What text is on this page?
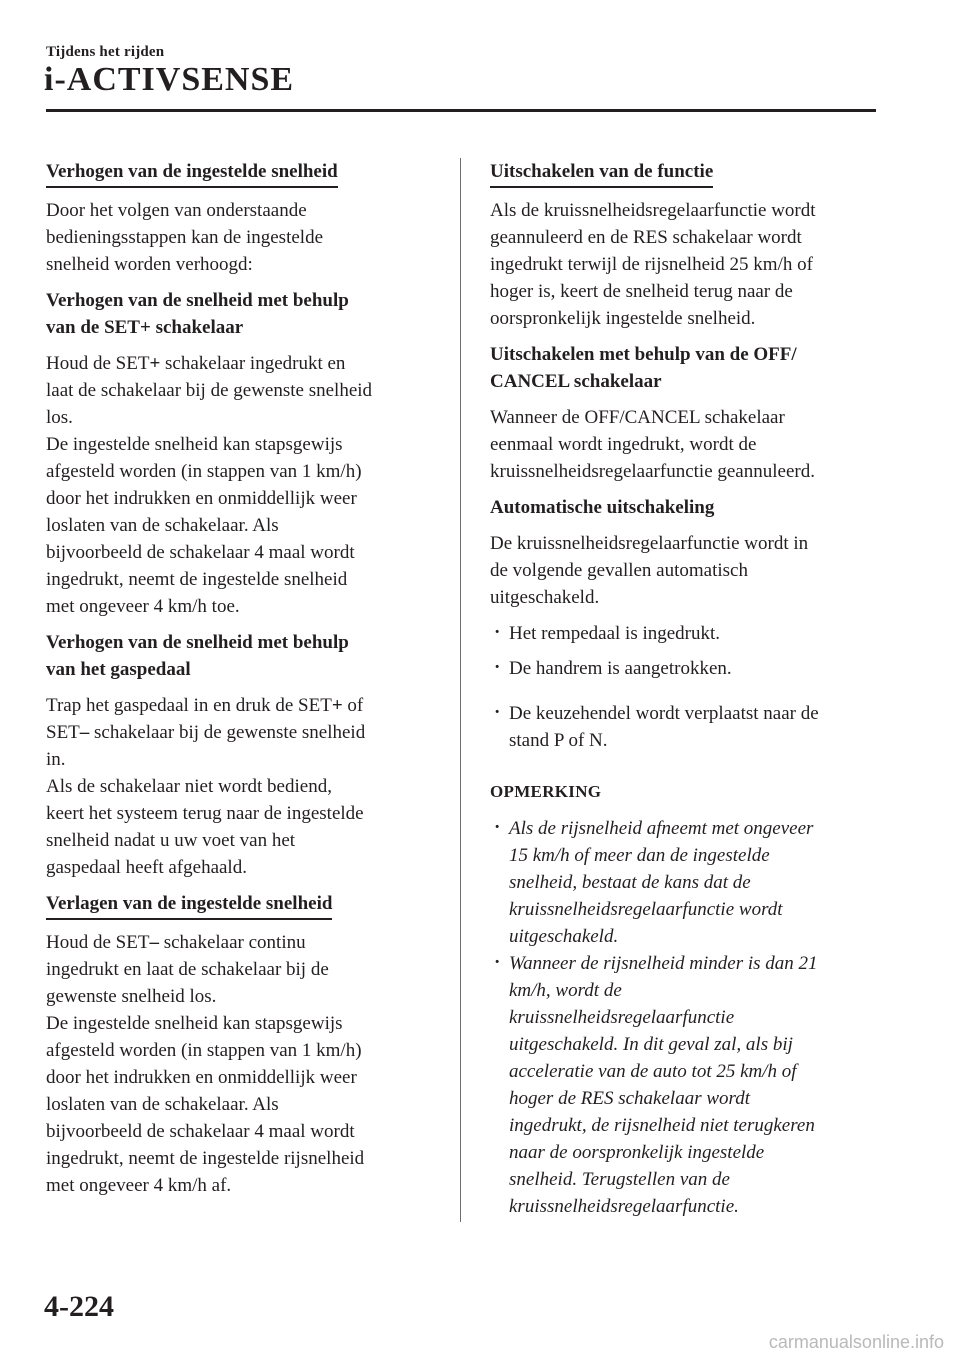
Tijdens het rijden
i-ACTIVSENSE
Verhogen van de ingestelde snelheid
Door het volgen van onderstaande
bedieningsstappen kan de ingestelde
snelheid worden verhoogd:
Verhogen van de snelheid met behulp
van de SET+ schakelaar
Houd de SET+ schakelaar ingedrukt en
laat de schakelaar bij de gewenste snelheid
los.
De ingestelde snelheid kan stapsgewijs
afgesteld worden (in stappen van 1 km/h)
door het indrukken en onmiddellijk weer
loslaten van de schakelaar. Als
bijvoorbeeld de schakelaar 4 maal wordt
ingedrukt, neemt de ingestelde snelheid
met ongeveer 4 km/h toe.
Verhogen van de snelheid met behulp
van het gaspedaal
Trap het gaspedaal in en druk de SET+ of
SET– schakelaar bij de gewenste snelheid
in.
Als de schakelaar niet wordt bediend,
keert het systeem terug naar de ingestelde
snelheid nadat u uw voet van het
gaspedaal heeft afgehaald.
Verlagen van de ingestelde snelheid
Houd de SET– schakelaar continu
ingedrukt en laat de schakelaar bij de
gewenste snelheid los.
De ingestelde snelheid kan stapsgewijs
afgesteld worden (in stappen van 1 km/h)
door het indrukken en onmiddellijk weer
loslaten van de schakelaar. Als
bijvoorbeeld de schakelaar 4 maal wordt
ingedrukt, neemt de ingestelde rijsnelheid
met ongeveer 4 km/h af.
Uitschakelen van de functie
Als de kruissnelheidsregelaarfunctie wordt
geannuleerd en de RES schakelaar wordt
ingedrukt terwijl de rijsnelheid 25 km/h of
hoger is, keert de snelheid terug naar de
oorspronkelijk ingestelde snelheid.
Uitschakelen met behulp van de OFF/
CANCEL schakelaar
Wanneer de OFF/CANCEL schakelaar
eenmaal wordt ingedrukt, wordt de
kruissnelheidsregelaarfunctie geannuleerd.
Automatische uitschakeling
De kruissnelheidsregelaarfunctie wordt in
de volgende gevallen automatisch
uitgeschakeld.
· Het rempedaal is ingedrukt.
· De handrem is aangetrokken.
· De keuzehendel wordt verplaatst naar de
stand P of N.
OPMERKING
· Als de rijsnelheid afneemt met ongeveer
15 km/h of meer dan de ingestelde
snelheid, bestaat de kans dat de
kruissnelheidsregelaarfunctie wordt
uitgeschakeld.
· Wanneer de rijsnelheid minder is dan 21
km/h, wordt de
kruissnelheidsregelaarfunctie
uitgeschakeld. In dit geval zal, als bij
acceleratie van de auto tot 25 km/h of
hoger de RES schakelaar wordt
ingedrukt, de rijsnelheid niet terugkeren
naar de oorspronkelijk ingestelde
snelheid. Terugstellen van de
kruissnelheidsregelaarfunctie.
4-224
carmanualsonline.info
